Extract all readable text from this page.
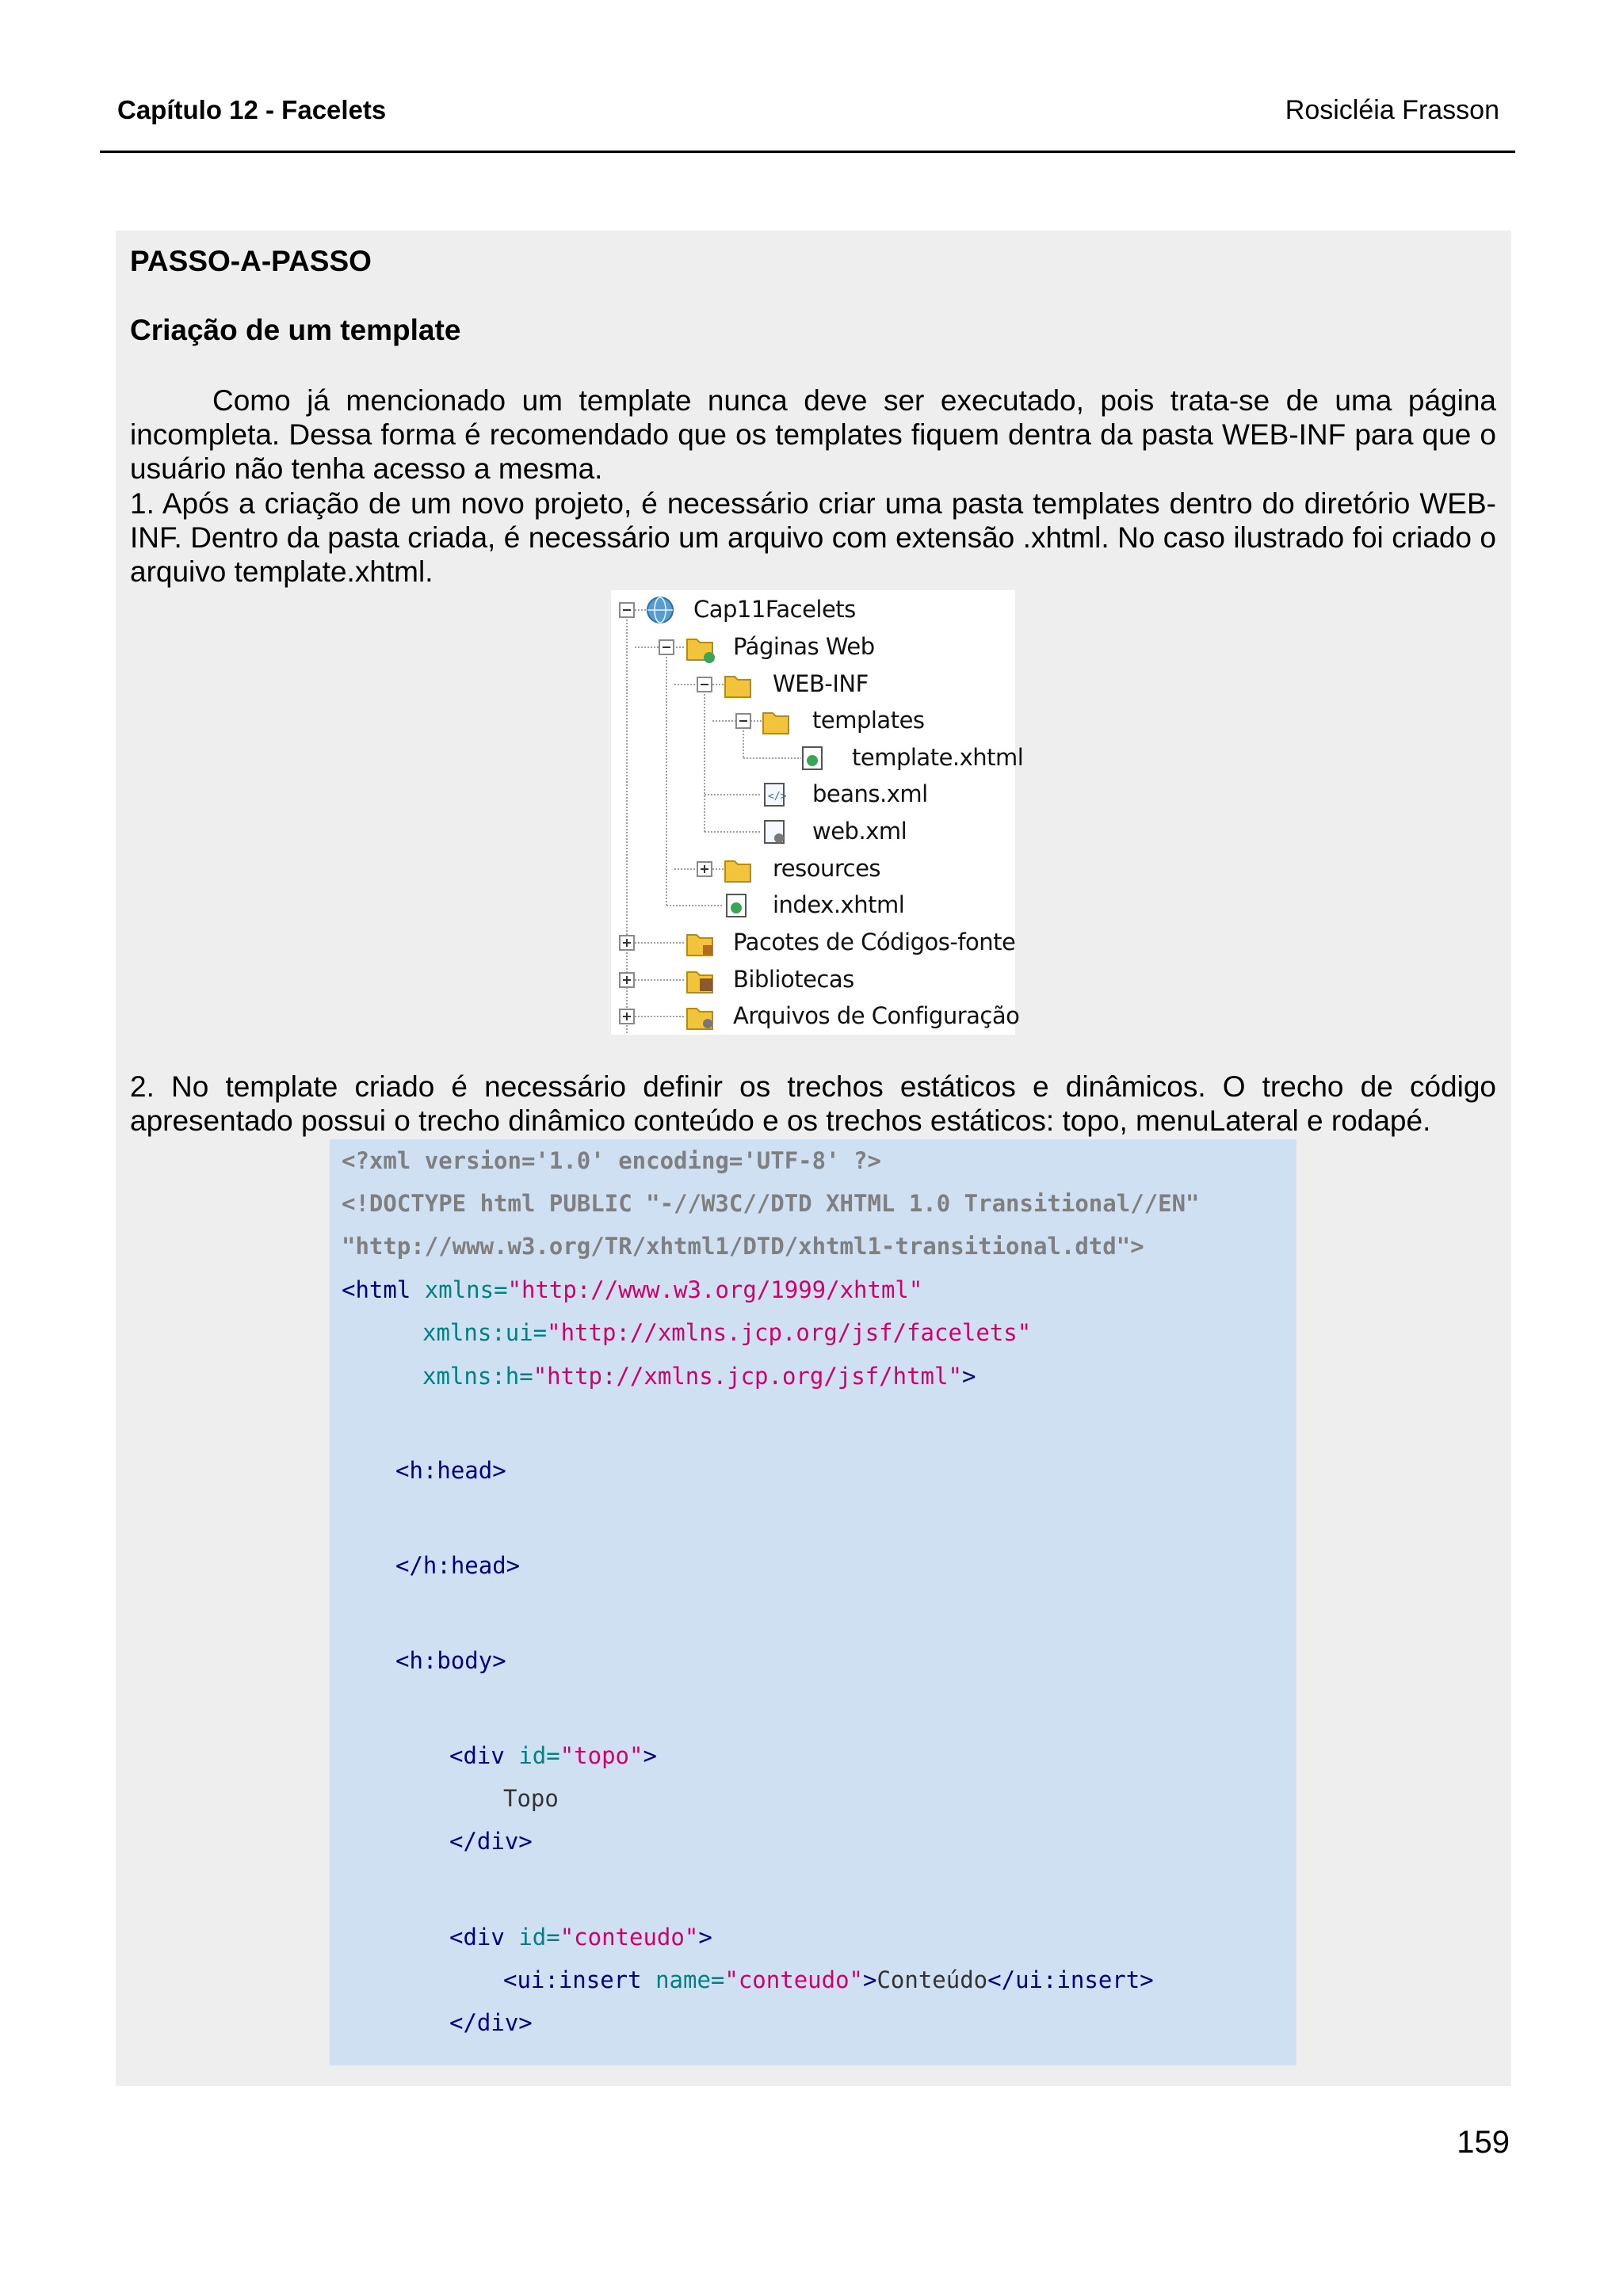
Capítulo 12 - Facelets	Rosicléia Frasson
PASSO-A-PASSO
Criação de um template
Como já mencionado um template nunca deve ser executado, pois trata-se de uma página incompleta. Dessa forma é recomendado que os templates fiquem dentra da pasta WEB-INF para que o usuário não tenha acesso a mesma.
1. Após a criação de um novo projeto, é necessário criar uma pasta templates dentro do diretório WEB-INF. Dentro da pasta criada, é necessário um arquivo com extensão .xhtml. No caso ilustrado foi criado o arquivo template.xhtml.
</>
Cap11Facelets
Páginas Web
WEB-INF
templates
template.xhtml
beans.xml
web.xml
resources
index.xhtml
Pacotes de Códigos-fonte
Bibliotecas
Arquivos de Configuração
2. No template criado é necessário definir os trechos estáticos e dinâmicos. O trecho de código apresentado possui o trecho dinâmico conteúdo e os trechos estáticos: topo, menuLateral e rodapé.
<?xml version='1.0' encoding='UTF-8' ?>
<!DOCTYPE html PUBLIC "-//W3C//DTD XHTML 1.0 Transitional//EN"
"http://www.w3.org/TR/xhtml1/DTD/xhtml1-transitional.dtd">
<html xmlns="http://www.w3.org/1999/xhtml"
xmlns:ui="http://xmlns.jcp.org/jsf/facelets"
xmlns:h="http://xmlns.jcp.org/jsf/html">
<h:head>
</h:head>
<h:body>
<div id="topo">
Topo
</div>
<div id="conteudo">
<ui:insert name="conteudo">Conteúdo</ui:insert>
</div>
159
